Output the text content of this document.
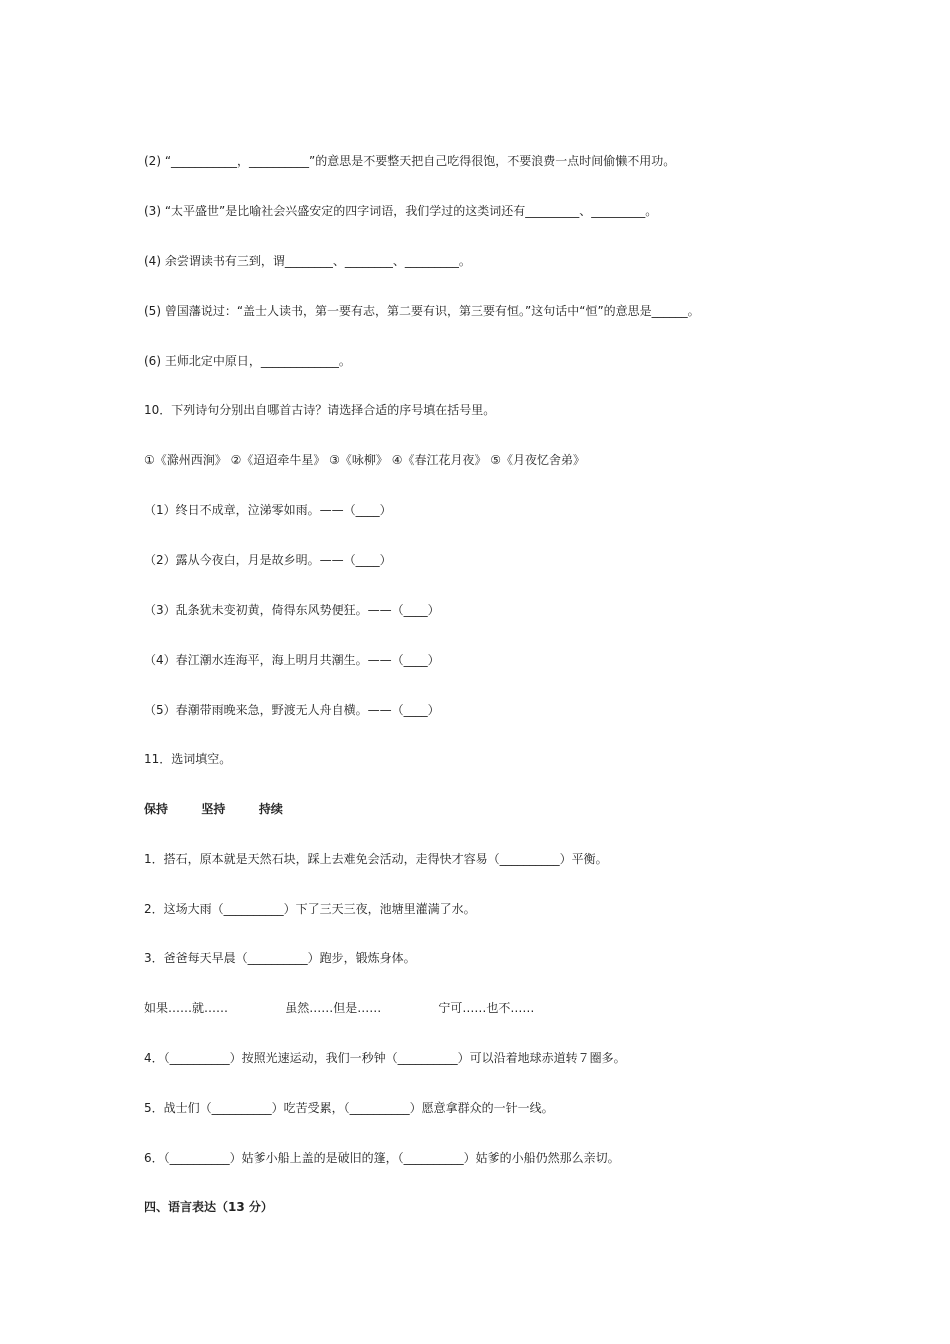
(2) “___________，__________”的意思是不要整天把自己吃得很饱，不要浪费一点时间偷懒不用功。
(3) “太平盛世”是比喻社会兴盛安定的四字词语，我们学过的这类词还有_________、_________。
(4) 余尝谓读书有三到，谓________、________、_________。
(5) 曾国藩说过：“盖士人读书，第一要有志，第二要有识，第三要有恒。”这句话中“恒”的意思是______。
(6) 王师北定中原日，_____________。
10．下列诗句分别出自哪首古诗？请选择合适的序号填在括号里。
①《滁州西涧》 ②《迢迢牵牛星》 ③《咏柳》 ④《春江花月夜》 ⑤《月夜忆舍弟》
（1）终日不成章，泣涕零如雨。——（____）
（2）露从今夜白，月是故乡明。——（____）
（3）乱条犹未变初黄，倚得东风势便狂。——（____）
（4）春江潮水连海平，海上明月共潮生。——（____）
（5）春潮带雨晚来急，野渡无人舟自横。——（____）
11．选词填空。
保持        坚持        持续
1．搭石，原本就是天然石块，踩上去难免会活动，走得快才容易（__________）平衡。
2．这场大雨（__________）下了三天三夜，池塘里灌满了水。
3．爸爸每天早晨（__________）跑步，锻炼身体。
如果……就……               虽然……但是……               宁可……也不……
4．（__________）按照光速运动，我们一秒钟（__________）可以沿着地球赤道转７圈多。
5．战士们（__________）吃苦受累，（__________）愿意拿群众的一针一线。
6．（__________）姑爹小船上盖的是破旧的篷，（__________）姑爹的小船仍然那么亲切。
四、语言表达（13 分）
